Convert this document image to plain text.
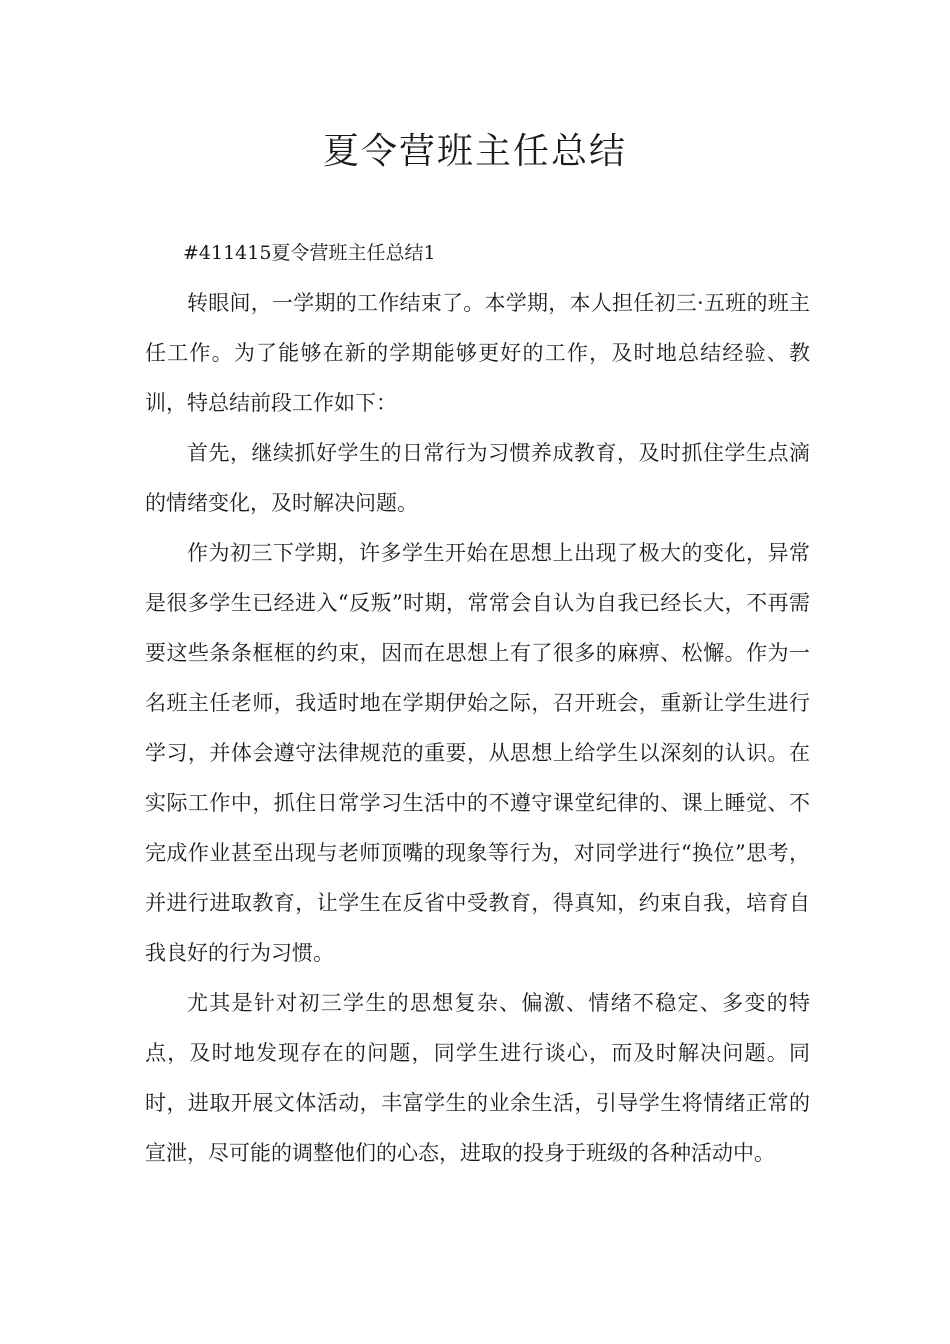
夏令营班主任总结

#411415夏令营班主任总结1

转眼间，一学期的工作结束了。本学期，本人担任初三·五班的班主任工作。为了能够在新的学期能够更好的工作，及时地总结经验、教训，特总结前段工作如下：

首先，继续抓好学生的日常行为习惯养成教育，及时抓住学生点滴的情绪变化，及时解决问题。

作为初三下学期，许多学生开始在思想上出现了极大的变化，异常是很多学生已经进入“反叛”时期，常常会自认为自我已经长大，不再需要这些条条框框的约束，因而在思想上有了很多的麻痹、松懈。作为一名班主任老师，我适时地在学期伊始之际，召开班会，重新让学生进行学习，并体会遵守法律规范的重要，从思想上给学生以深刻的认识。在实际工作中，抓住日常学习生活中的不遵守课堂纪律的、课上睡觉、不完成作业甚至出现与老师顶嘴的现象等行为，对同学进行“换位”思考，并进行进取教育，让学生在反省中受教育，得真知，约束自我，培育自我良好的行为习惯。

尤其是针对初三学生的思想复杂、偏激、情绪不稳定、多变的特点，及时地发现存在的问题，同学生进行谈心，而及时解决问题。同时，进取开展文体活动，丰富学生的业余生活，引导学生将情绪正常的宣泄，尽可能的调整他们的心态，进取的投身于班级的各种活动中。
